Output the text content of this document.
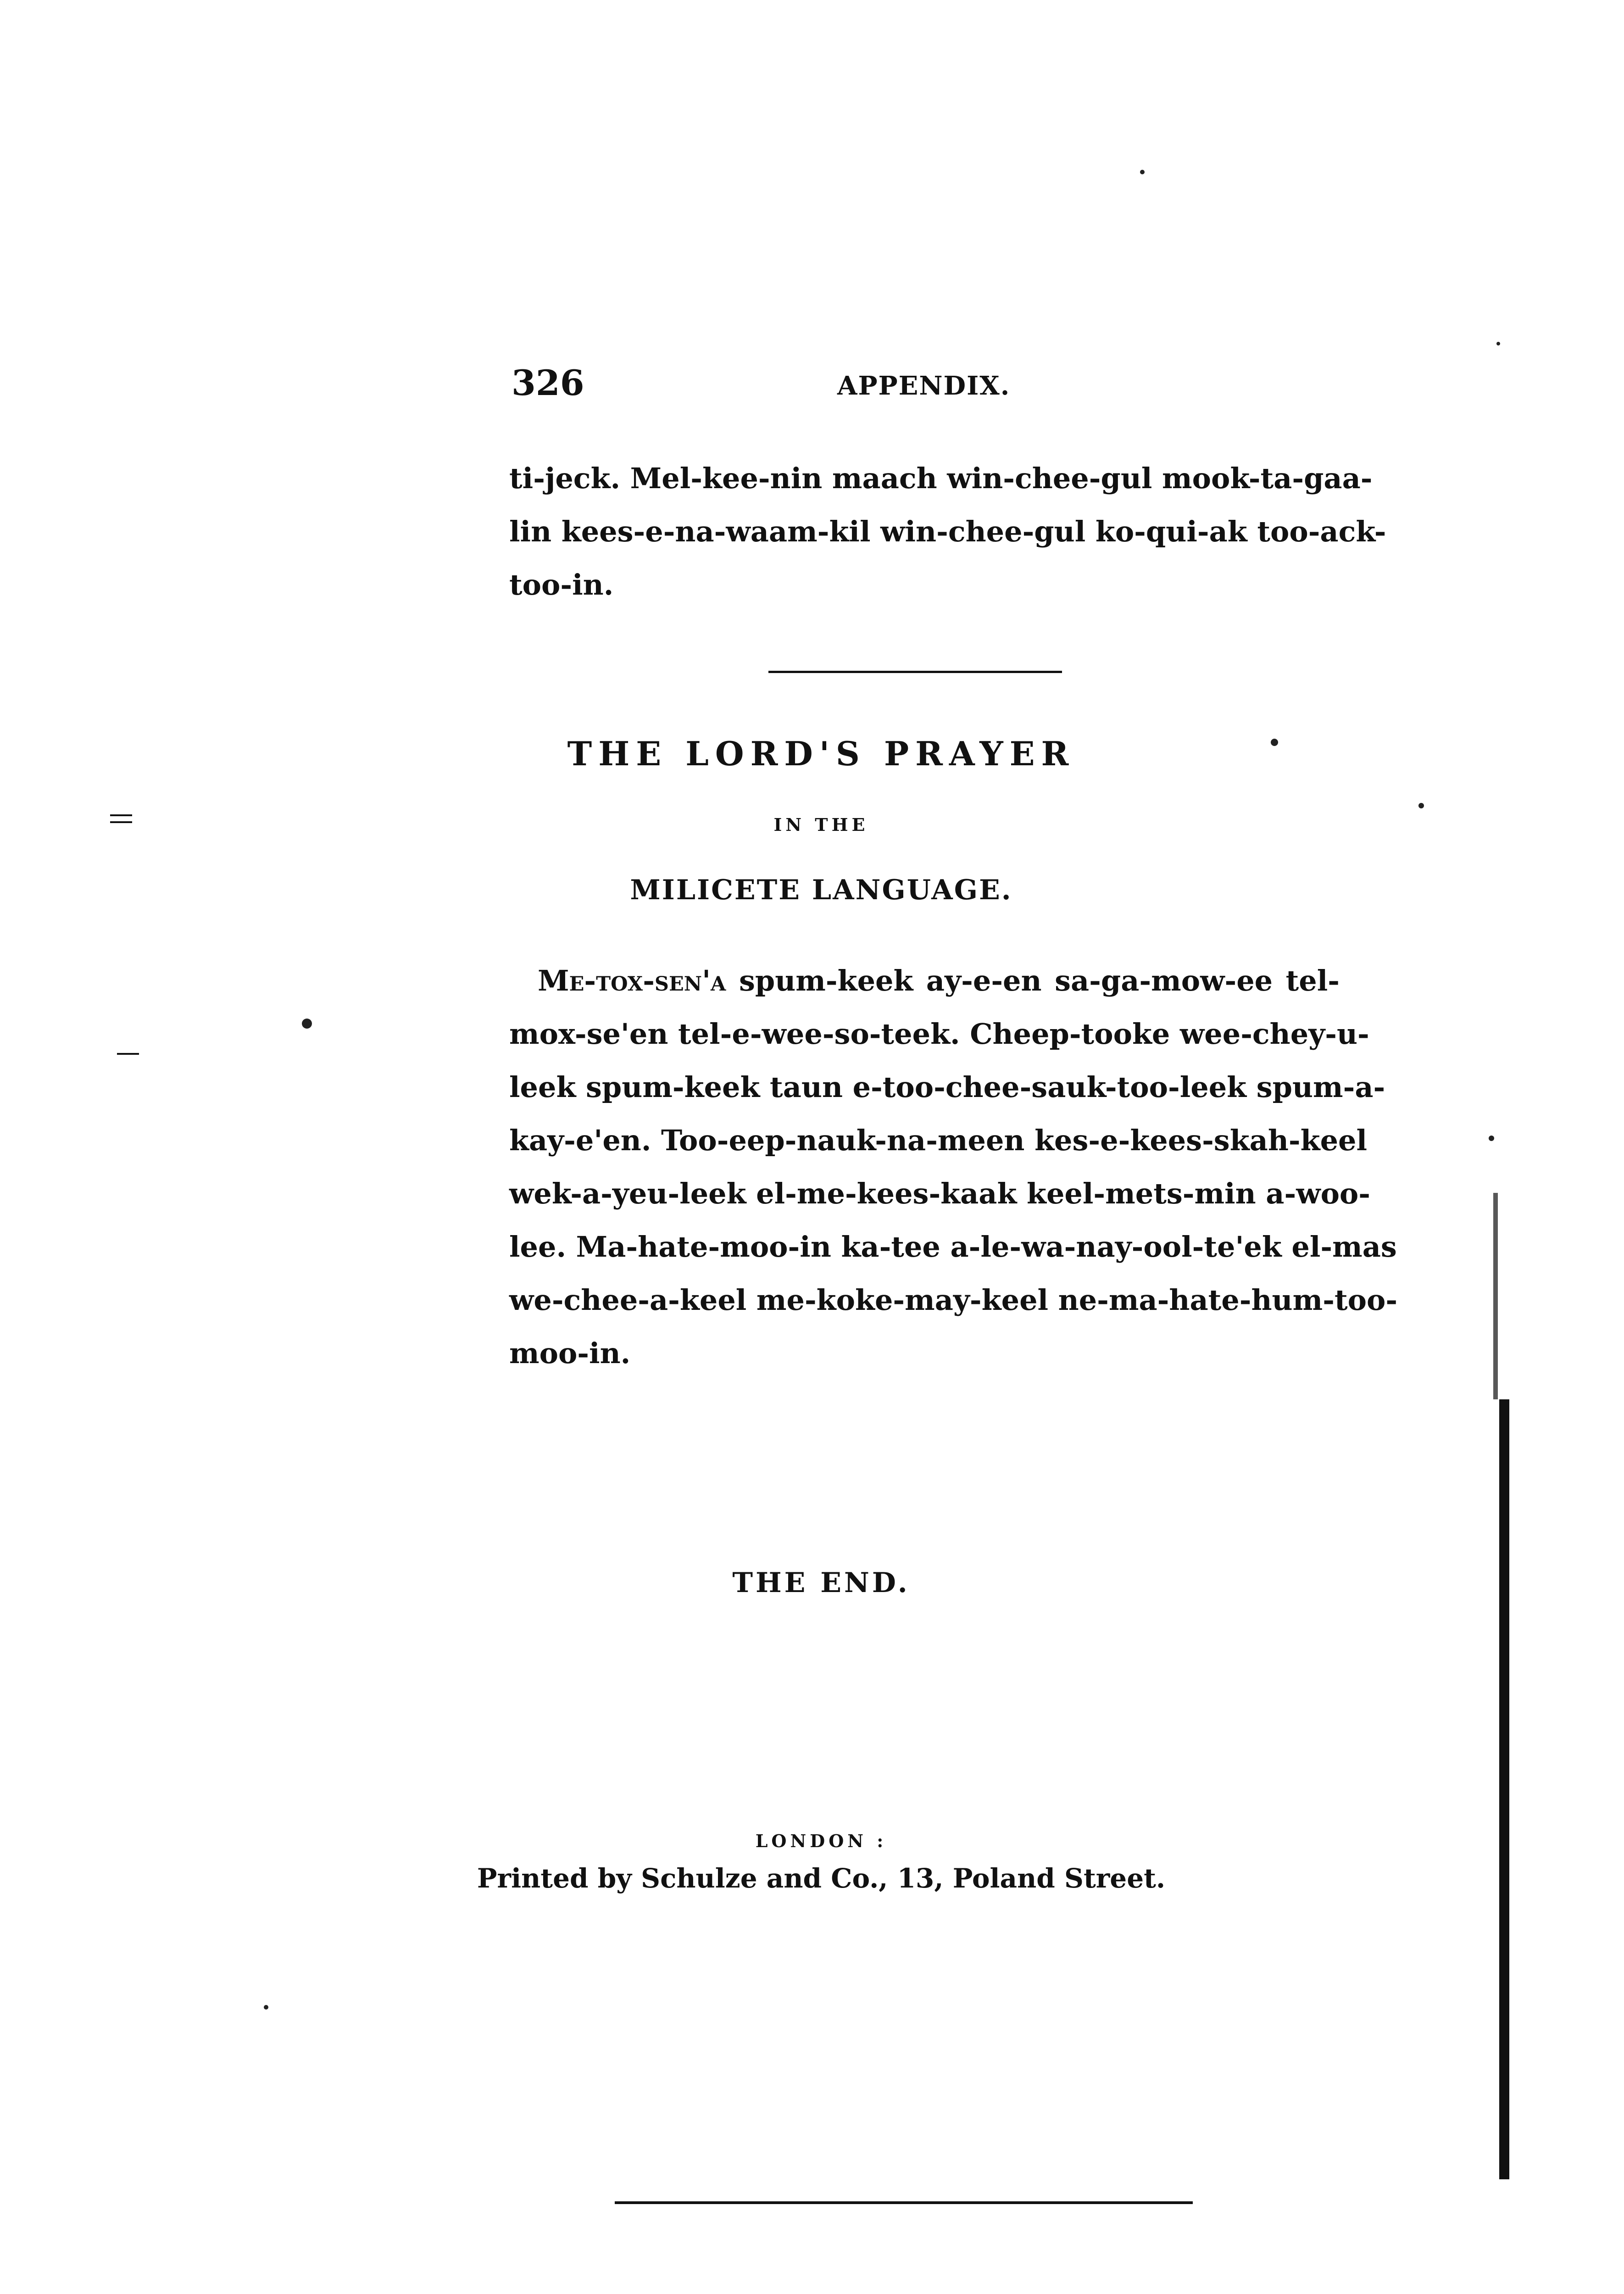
326	APPENDIX.
ti-jeck. Mel-kee-nin maach win-chee-gul mook-ta-gaa-
lin kees-e-na-waam-kil win-chee-gul ko-qui-ak too-ack-
too-in.
THE LORD'S PRAYER
IN THE
MILICETE LANGUAGE.
 Me-tox-sen'a spum-keek ay-e-en sa-ga-mow-ee tel-
mox-se'en tel-e-wee-so-teek. Cheep-tooke wee-chey-u-
leek spum-keek taun e-too-chee-sauk-too-leek spum-a-
kay-e'en. Too-eep-nauk-na-meen kes-e-kees-skah-keel
wek-a-yeu-leek el-me-kees-kaak keel-mets-min a-woo-
lee. Ma-hate-moo-in ka-tee a-le-wa-nay-ool-te'ek el-mas
we-chee-a-keel me-koke-may-keel ne-ma-hate-hum-too-
moo-in.
THE END.
LONDON :
Printed by Schulze and Co., 13, Poland Street.
